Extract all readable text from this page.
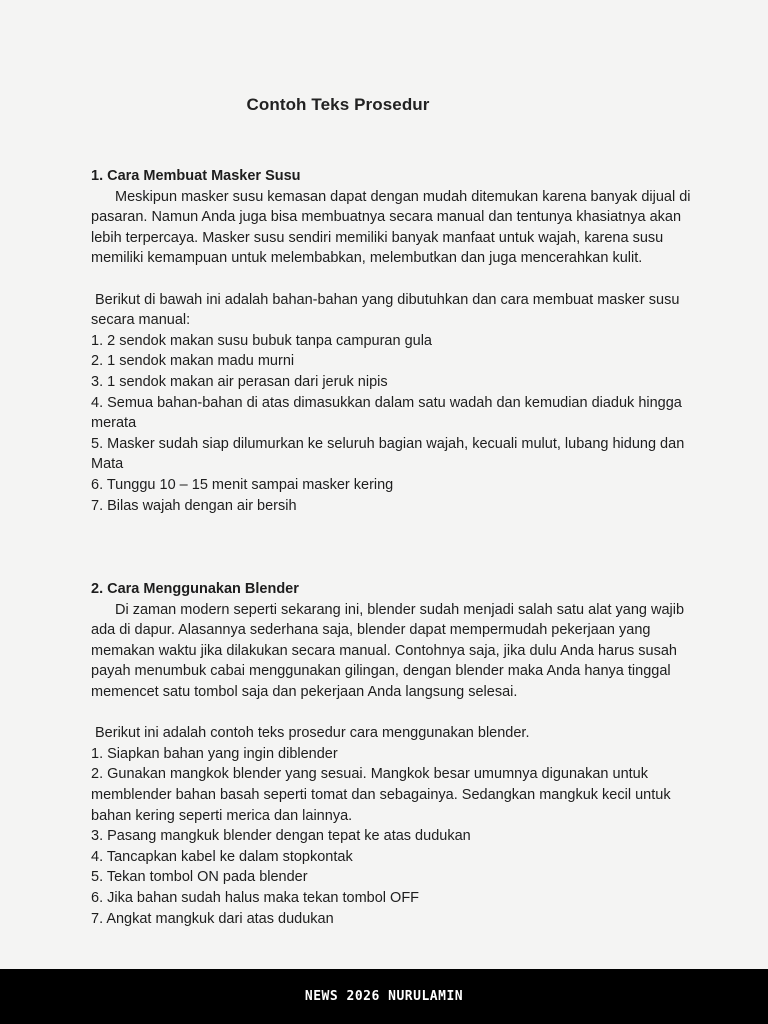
Contoh Teks Prosedur

1. Cara Membuat Masker Susu

Meskipun masker susu kemasan dapat dengan mudah ditemukan karena banyak dijual di pasaran. Namun Anda juga bisa membuatnya secara manual dan tentunya khasiatnya akan lebih terpercaya. Masker susu sendiri memiliki banyak manfaat untuk wajah, karena susu memiliki kemampuan untuk melembabkan, melembutkan dan juga mencerahkan kulit.

Berikut di bawah ini adalah bahan-bahan yang dibutuhkan dan cara membuat masker susu secara manual:

1. 2 sendok makan susu bubuk tanpa campuran gula

2. 1 sendok makan madu murni

3. 1 sendok makan air perasan dari jeruk nipis

4. Semua bahan-bahan di atas dimasukkan dalam satu wadah dan kemudian diaduk hingga merata

5. Masker sudah siap dilumurkan ke seluruh bagian wajah, kecuali mulut, lubang hidung dan Mata

6. Tunggu 10 – 15 menit sampai masker kering

7. Bilas wajah dengan air bersih

2. Cara Menggunakan Blender

Di zaman modern seperti sekarang ini, blender sudah menjadi salah satu alat yang wajib ada di dapur. Alasannya sederhana saja, blender dapat mempermudah pekerjaan yang memakan waktu jika dilakukan secara manual. Contohnya saja, jika dulu Anda harus susah payah menumbuk cabai menggunakan gilingan, dengan blender maka Anda hanya tinggal memencet satu tombol saja dan pekerjaan Anda langsung selesai.

Berikut ini adalah contoh teks prosedur cara menggunakan blender.

1. Siapkan bahan yang ingin diblender

2. Gunakan mangkok blender yang sesuai. Mangkok besar umumnya digunakan untuk memblender bahan basah seperti tomat dan sebagainya. Sedangkan mangkuk kecil untuk bahan kering seperti merica dan lainnya.

3. Pasang mangkuk blender dengan tepat ke atas dudukan

4. Tancapkan kabel ke dalam stopkontak

5. Tekan tombol ON pada blender

6. Jika bahan sudah halus maka tekan tombol OFF

7. Angkat mangkuk dari atas dudukan

NEWS 2026 NURULAMIN
